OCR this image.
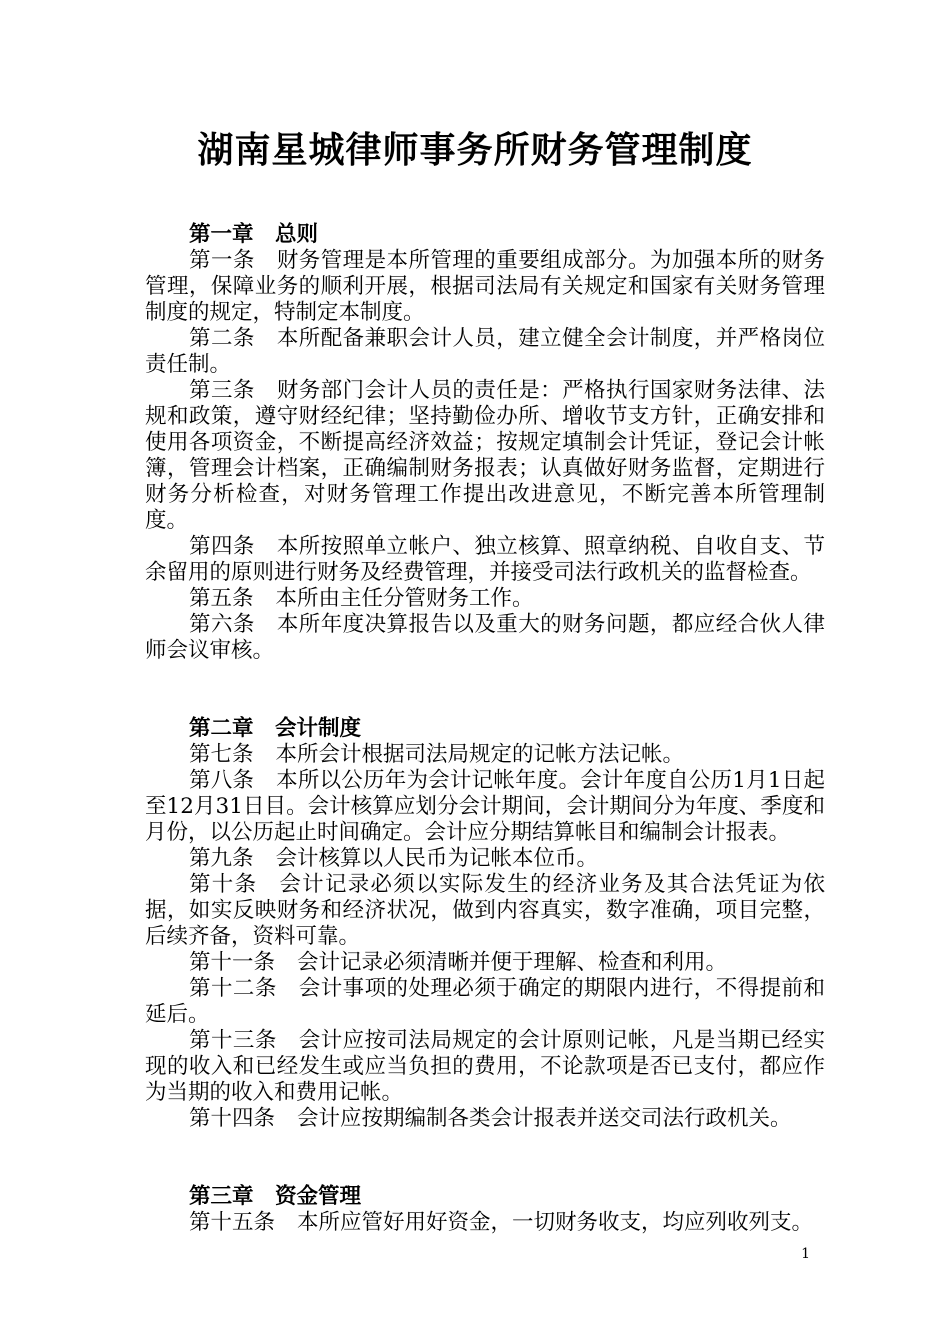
湖南星城律师事务所财务管理制度

第一章　总则

第一条 财务管理是本所管理的重要组成部分。为加强本所的财务管理，保障业务的顺利开展，根据司法局有关规定和国家有关财务管理制度的规定，特制定本制度。

第二条 本所配备兼职会计人员，建立健全会计制度，并严格岗位责任制。

第三条 财务部门会计人员的责任是：严格执行国家财务法律、法规和政策，遵守财经纪律；坚持勤俭办所、增收节支方针，正确安排和使用各项资金，不断提高经济效益；按规定填制会计凭证，登记会计帐簿，管理会计档案，正确编制财务报表；认真做好财务监督，定期进行财务分析检查，对财务管理工作提出改进意见，不断完善本所管理制度。

第四条 本所按照单立帐户、独立核算、照章纳税、自收自支、节余留用的原则进行财务及经费管理，并接受司法行政机关的监督检查。

第五条 本所由主任分管财务工作。

第六条 本所年度决算报告以及重大的财务问题，都应经合伙人律师会议审核。

第二章　会计制度

第七条 本所会计根据司法局规定的记帐方法记帐。

第八条 本所以公历年为会计记帐年度。会计年度自公历1月1日起至12月31日目。会计核算应划分会计期间，会计期间分为年度、季度和月份，以公历起止时间确定。会计应分期结算帐目和编制会计报表。

第九条 会计核算以人民币为记帐本位币。

第十条 会计记录必须以实际发生的经济业务及其合法凭证为依据，如实反映财务和经济状况，做到内容真实，数字准确，项目完整，后续齐备，资料可靠。

第十一条 会计记录必须清晰并便于理解、检查和利用。

第十二条 会计事项的处理必须于确定的期限内进行，不得提前和延后。

第十三条 会计应按司法局规定的会计原则记帐，凡是当期已经实现的收入和已经发生或应当负担的费用，不论款项是否已支付，都应作为当期的收入和费用记帐。

第十四条 会计应按期编制各类会计报表并送交司法行政机关。

第三章　资金管理

第十五条 本所应管好用好资金，一切财务收支，均应列收列支。

1
